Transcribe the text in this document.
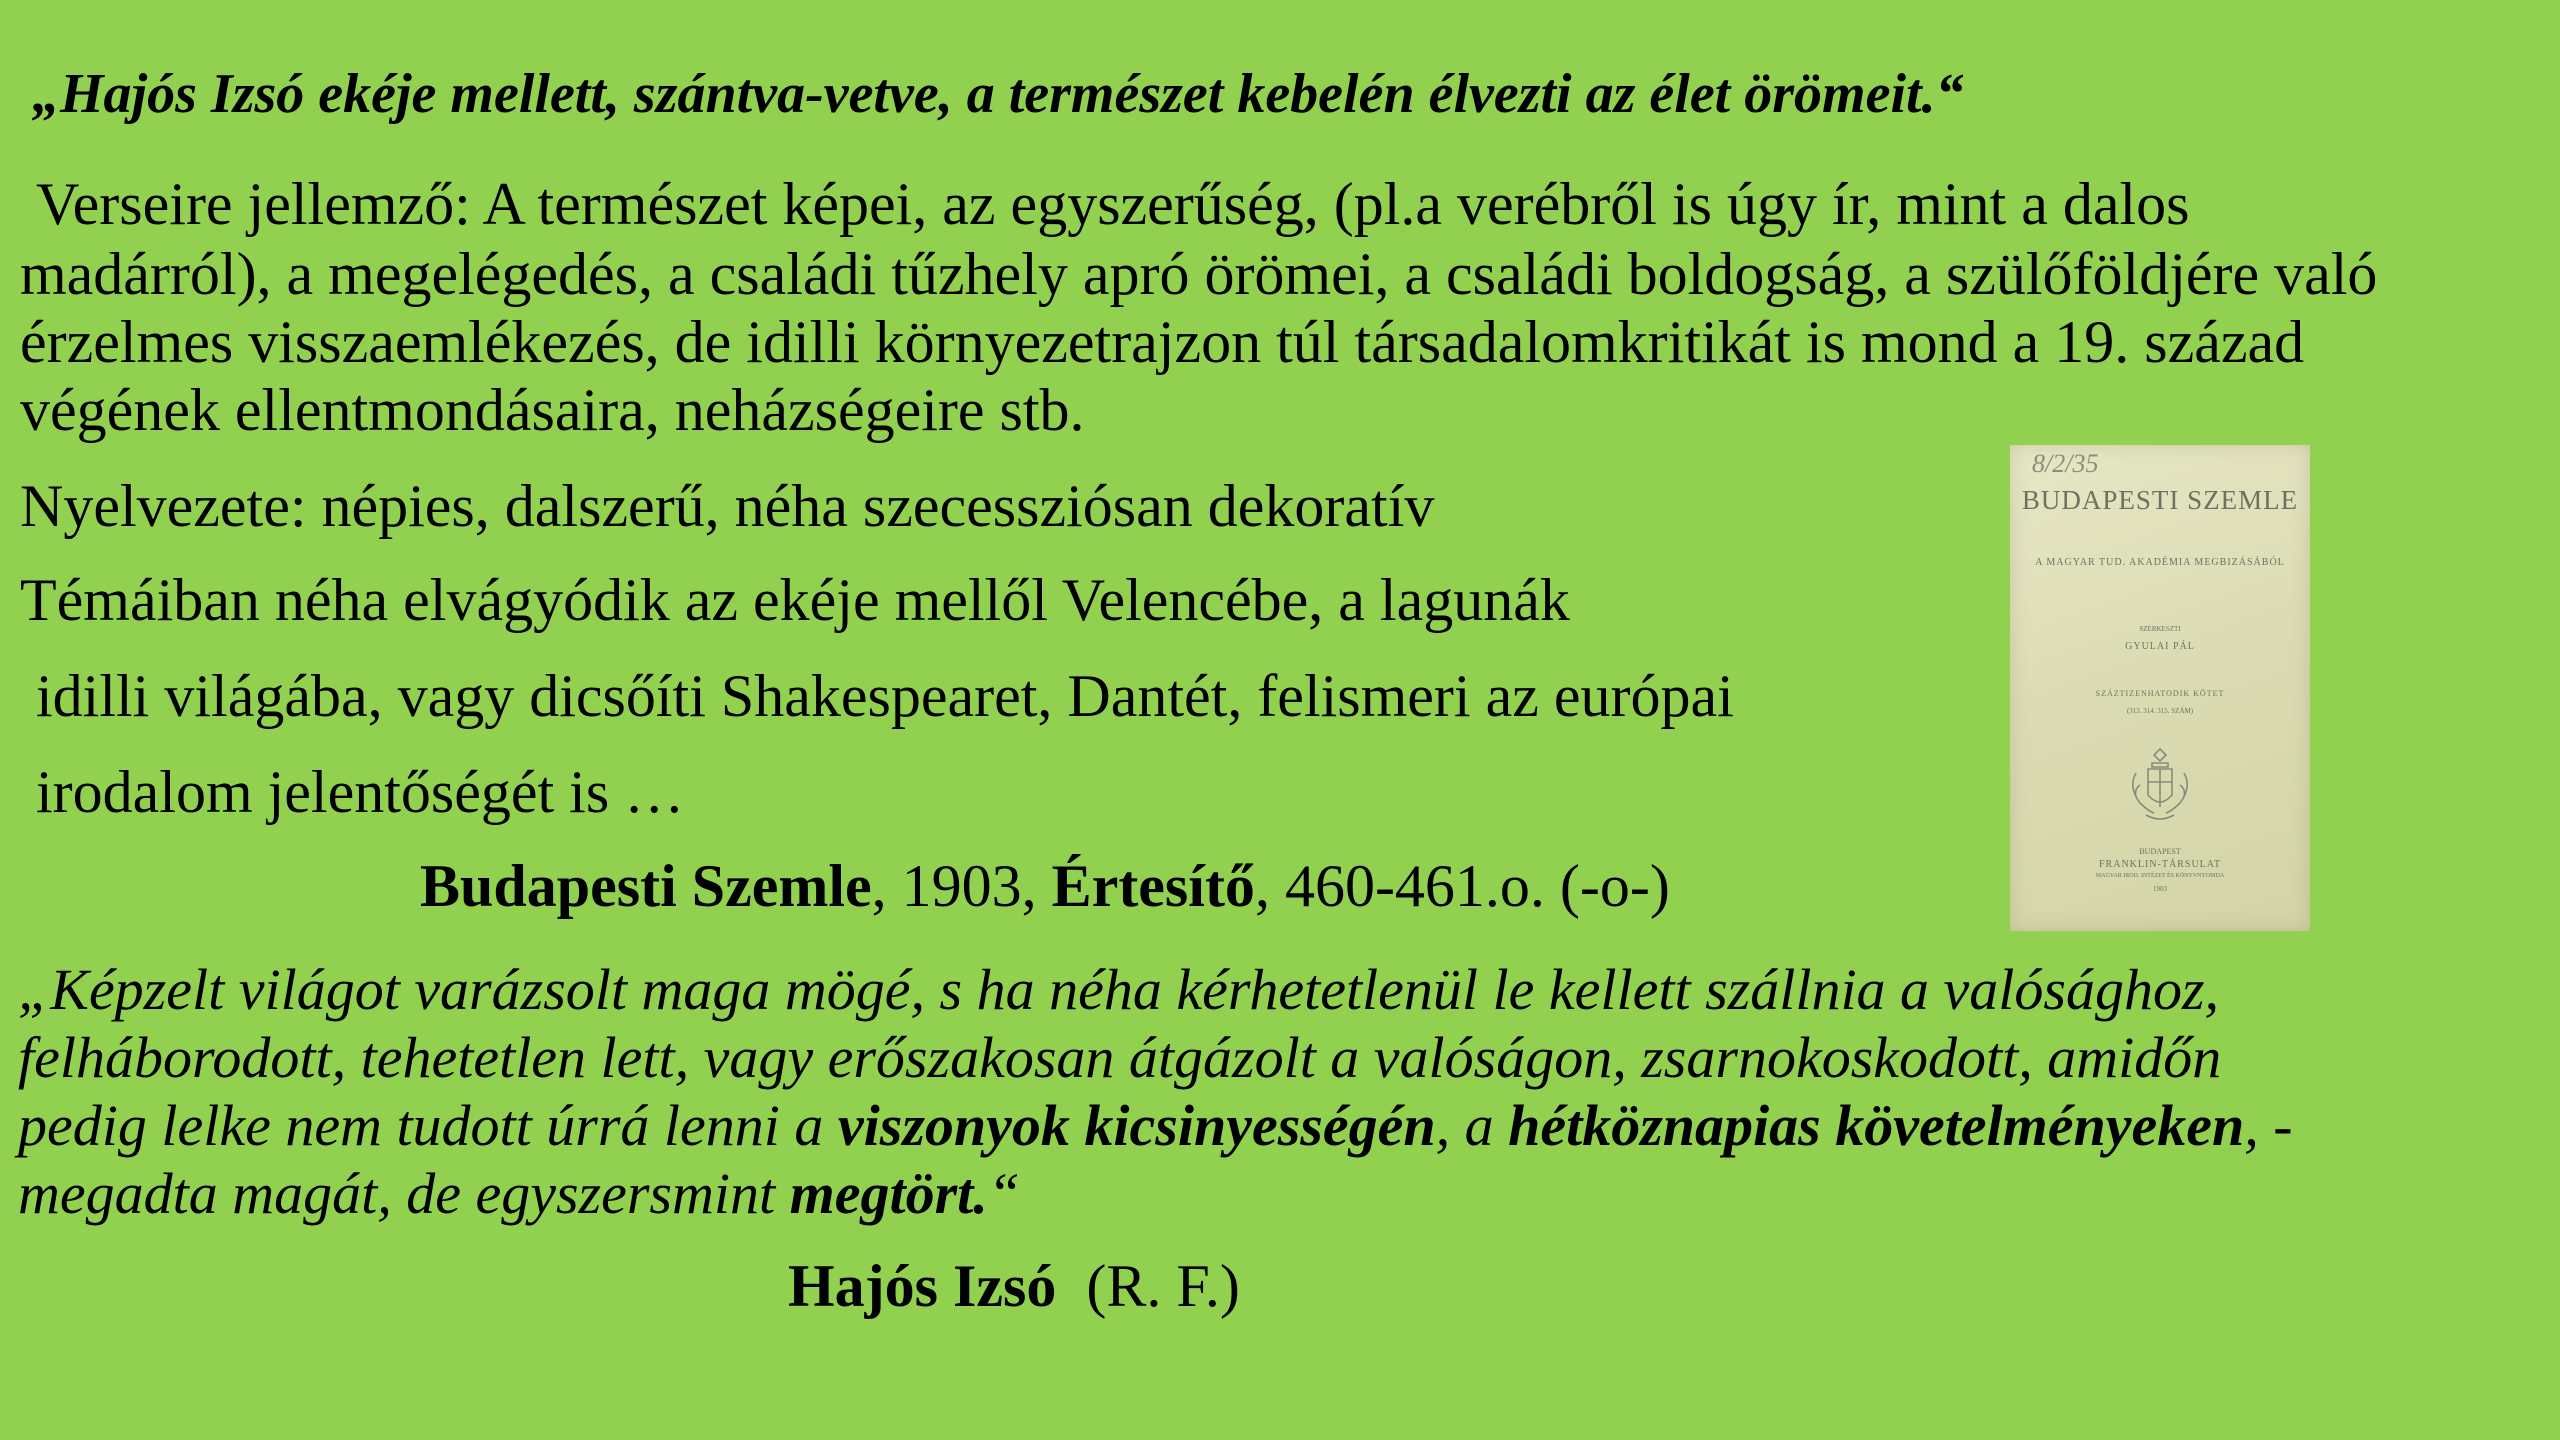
„Hajós Izsó ekéje mellett, szántva-vetve, a természet kebelén élvezti az élet örömeit.“
Verseire jellemző: A természet képei, az egyszerűség, (pl.a verébről is úgy ír, mint a dalos
madárról), a megelégedés, a családi tűzhely apró örömei, a családi boldogság, a szülőföldjére való
érzelmes visszaemlékezés, de idilli környezetrajzon túl társadalomkritikát is mond a 19. század
végének ellentmondásaira, neházségeire stb.
Nyelvezete: népies, dalszerű, néha szecessziósan dekoratív
Témáiban néha elvágyódik az ekéje mellől Velencébe, a lagunák
idilli világába, vagy dicsőíti Shakespearet, Dantét, felismeri az európai
irodalom jelentőségét is …
Budapesti Szemle, 1903, Értesítő, 460-461.o. (-o-)
„Képzelt világot varázsolt maga mögé, s ha néha kérhetetlenül le kellett szállnia a valósághoz,
felháborodott, tehetetlen lett, vagy erőszakosan átgázolt a valóságon, zsarnokoskodott, amidőn
pedig lelke nem tudott úrrá lenni a viszonyok kicsinyességén, a hétköznapias követelményeken, -
megadta magát, de egyszersmint megtört.“
Hajós Izsó (R. F.)
8/2/35
BUDAPESTI SZEMLE
A MAGYAR TUD. AKADÉMIA MEGBIZÁSÁBÓL
SZERKESZTI
GYULAI PÁL
SZÁZTIZENHATODIK KÖTET
(313. 314. 315. SZÁM)
BUDAPEST
FRANKLIN-TÁRSULAT
MAGYAR IROD. INTÉZET ÉS KÖNYVNYOMDA
1903
